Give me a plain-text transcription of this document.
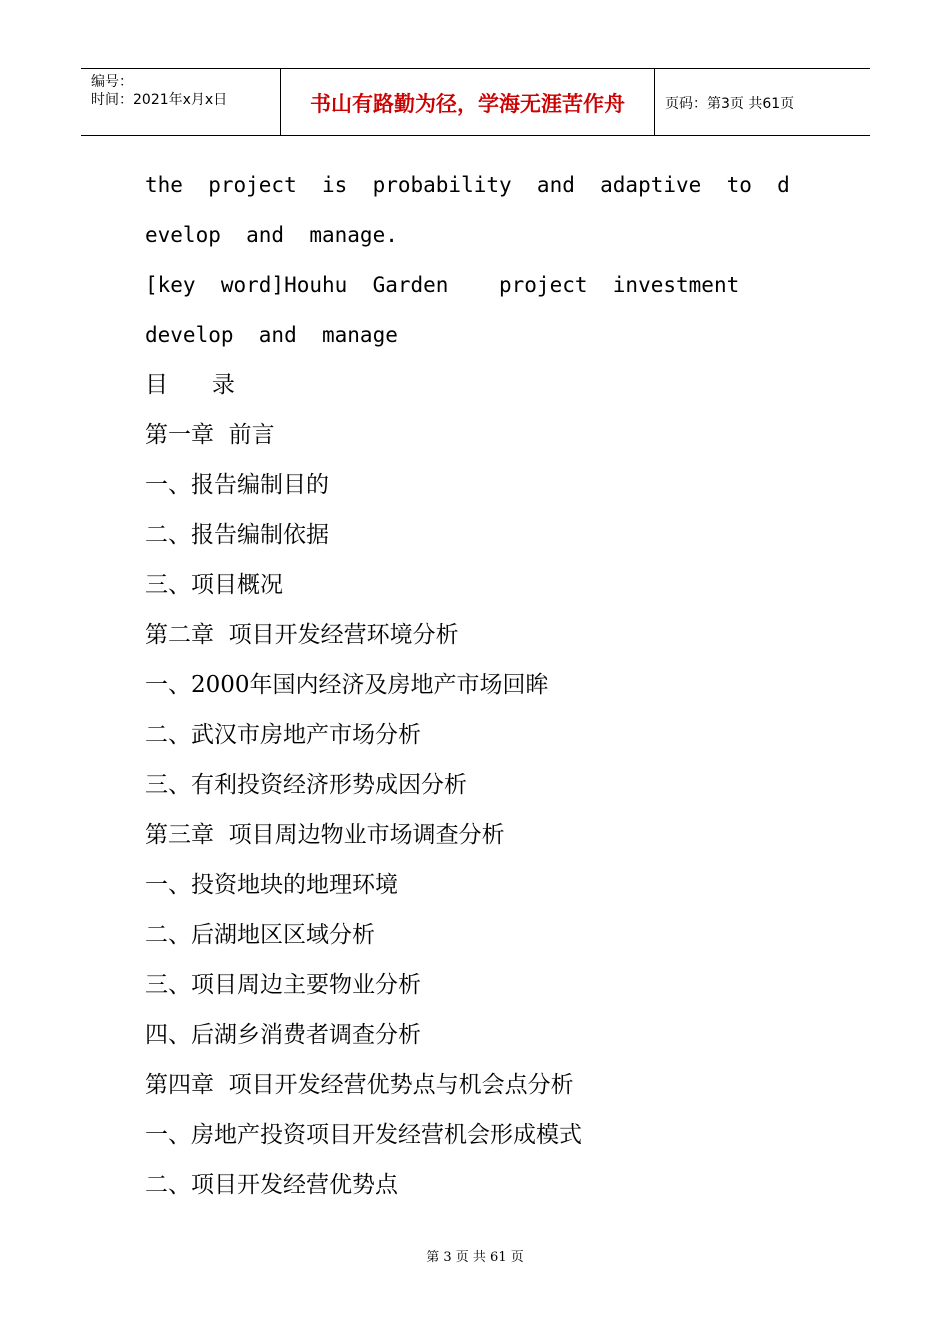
编号：
时间：2021年x月x日	书山有路勤为径，学海无涯苦作舟	页码：第3页 共61页
the  project  is  probability  and  adaptive  to  d
evelop  and  manage.
[key  word]Houhu  Garden    project  investment
develop  and  manage
目      录
第一章  前言
一、报告编制目的
二、报告编制依据
三、项目概况
第二章  项目开发经营环境分析
一、2000年国内经济及房地产市场回眸
二、武汉市房地产市场分析
三、有利投资经济形势成因分析
第三章  项目周边物业市场调查分析
一、投资地块的地理环境
二、后湖地区区域分析
三、项目周边主要物业分析
四、后湖乡消费者调查分析
第四章  项目开发经营优势点与机会点分析
一、房地产投资项目开发经营机会形成模式
二、项目开发经营优势点
第 3 页 共 61 页
